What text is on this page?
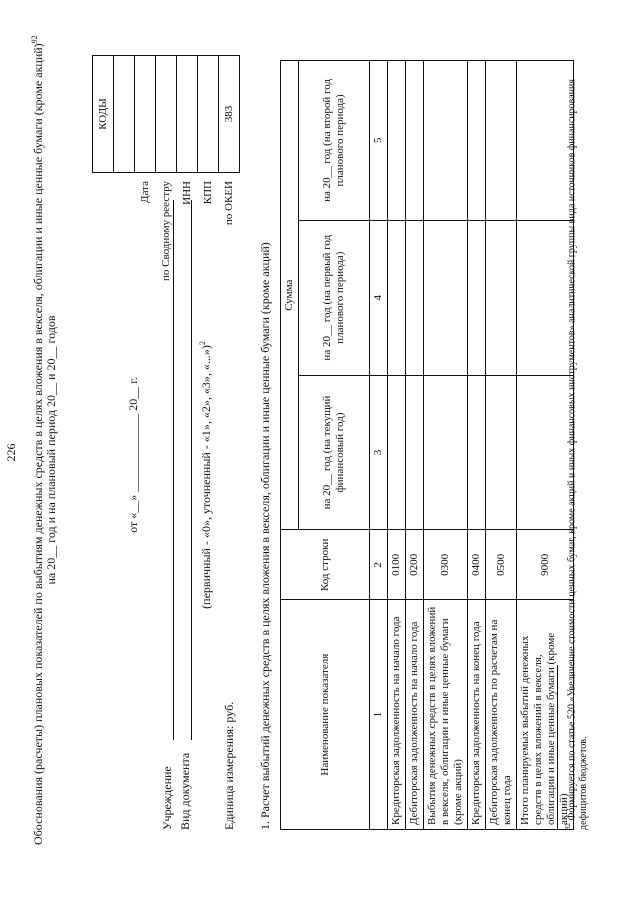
226 Обоснования (расчеты) плановых показателей по выбытиям денежных средств в целях вложения в векселя, облигации и иные ценные бумаги (кроме акций)$^{92}$
на 20__ год и на плановый период 20__ и 20__ годов	от «__» _____________ 20__ г.
Учреждение Вид документа
(первичный - «0», уточненный - «1», «2», «3», «...»)$^2$
Единица измерения: руб.
	КОДЫ

Дата	
по Сводному реестру	
ИНН	
КПП	
по ОКЕИ	383
1. Расчет выбытий денежных средств в целях вложения в векселя, облигации и иные ценные бумаги (кроме акций)	Наименование показателя	Код строки	Сумма		
		на 20__ год (на текущий финансовый год)	на 20__ год (на первый год планового периода)	на 20__ год (на второй год планового периода)
1	2	3	4	5
Кредиторская задолженность на начало года	0100			
Дебиторская задолженность на начало года	0200			
Выбытия денежных средств в целях вложений в векселя, облигации и иные ценные бумаги (кроме акций)	0300			
Кредиторская задолженность на конец года	0400			
Дебиторская задолженность по расчетам на конец года	0500			
Итого планируемых выбытий денежных средств в целях вложений в векселя, облигации и иные ценные бумаги (кроме акций)	9000			
$^{92}$ Формируется по статье 520 «Увеличение стоимости ценных бумаг, кроме акций и иных финансовых инструментов» аналитической группы вида источников финансирования дефицитов бюджетов.
